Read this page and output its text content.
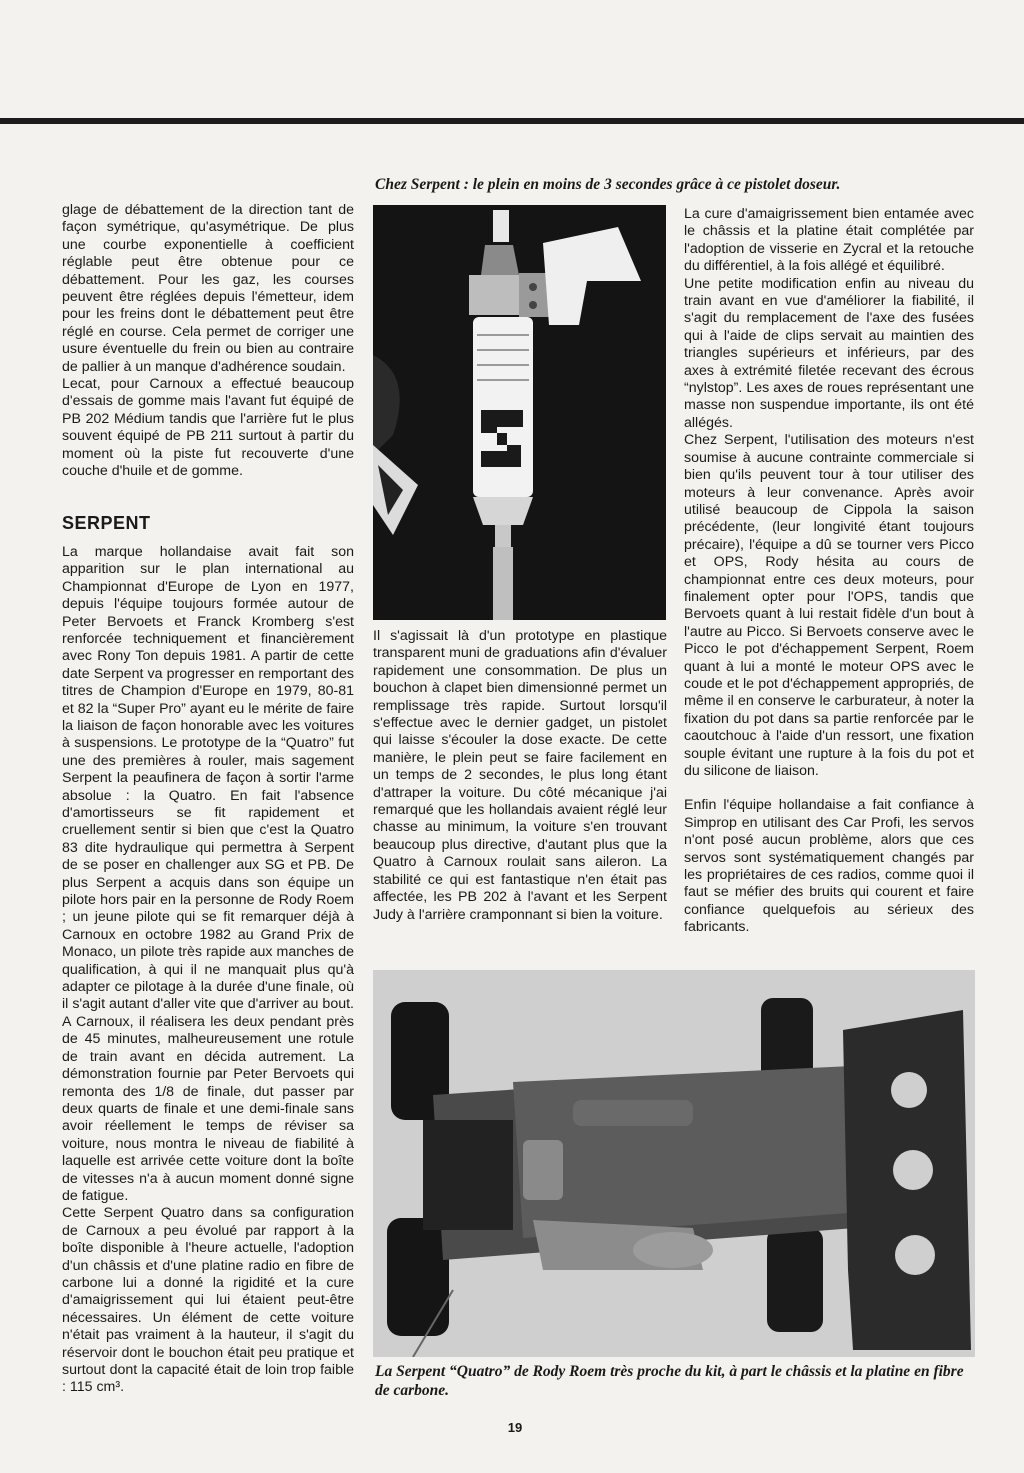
Chez Serpent : le plein en moins de 3 secondes grâce à ce pistolet doseur.

glage de débattement de la direction tant de façon symétrique, qu'asymétrique. De plus une courbe exponentielle à coefficient réglable peut être obtenue pour ce débattement. Pour les gaz, les courses peuvent être réglées depuis l'émetteur, idem pour les freins dont le débattement peut être réglé en course. Cela permet de corriger une usure éventuelle du frein ou bien au contraire de pallier à un manque d'adhérence soudain.

Lecat, pour Carnoux a effectué beaucoup d'essais de gomme mais l'avant fut équipé de PB 202 Médium tandis que l'arrière fut le plus souvent équipé de PB 211 surtout à partir du moment où la piste fut recouverte d'une couche d'huile et de gomme.

SERPENT

La marque hollandaise avait fait son apparition sur le plan international au Championnat d'Europe de Lyon en 1977, depuis l'équipe toujours formée autour de Peter Bervoets et Franck Kromberg s'est renforcée techniquement et financièrement avec Rony Ton depuis 1981. A partir de cette date Serpent va progresser en remportant des titres de Champion d'Europe en 1979, 80-81 et 82 la “Super Pro” ayant eu le mérite de faire la liaison de façon honorable avec les voitures à suspensions. Le prototype de la “Quatro” fut une des premières à rouler, mais sagement Serpent la peaufinera de façon à sortir l'arme absolue : la Quatro. En fait l'absence d'amortisseurs se fit rapidement et cruellement sentir si bien que c'est la Quatro 83 dite hydraulique qui permettra à Serpent de se poser en challenger aux SG et PB. De plus Serpent a acquis dans son équipe un pilote hors pair en la personne de Rody Roem ; un jeune pilote qui se fit remarquer déjà à Carnoux en octobre 1982 au Grand Prix de Monaco, un pilote très rapide aux manches de qualification, à qui il ne manquait plus qu'à adapter ce pilotage à la durée d'une finale, où il s'agit autant d'aller vite que d'arriver au bout. A Carnoux, il réalisera les deux pendant près de 45 minutes, malheureusement une rotule de train avant en décida autrement. La démonstration fournie par Peter Bervoets qui remonta des 1/8 de finale, dut passer par deux quarts de finale et une demi-finale sans avoir réellement le temps de réviser sa voiture, nous montra le niveau de fiabilité à laquelle est arrivée cette voiture dont la boîte de vitesses n'a à aucun moment donné signe de fatigue.

Cette Serpent Quatro dans sa configuration de Carnoux a peu évolué par rapport à la boîte disponible à l'heure actuelle, l'adoption d'un châssis et d'une platine radio en fibre de carbone lui a donné la rigidité et la cure d'amaigrissement qui lui étaient peut-être nécessaires. Un élément de cette voiture n'était pas vraiment à la hauteur, il s'agit du réservoir dont le bouchon était peu pratique et surtout dont la capacité était de loin trop faible : 115 cm³.

Il s'agissait là d'un prototype en plastique transparent muni de graduations afin d'évaluer rapidement une consommation. De plus un bouchon à clapet bien dimensionné permet un remplissage très rapide. Surtout lorsqu'il s'effectue avec le dernier gadget, un pistolet qui laisse s'écouler la dose exacte. De cette manière, le plein peut se faire facilement en un temps de 2 secondes, le plus long étant d'attraper la voiture. Du côté mécanique j'ai remarqué que les hollandais avaient réglé leur chasse au minimum, la voiture s'en trouvant beaucoup plus directive, d'autant plus que la Quatro à Carnoux roulait sans aileron. La stabilité ce qui est fantastique n'en était pas affectée, les PB 202 à l'avant et les Serpent Judy à l'arrière cramponnant si bien la voiture.

La cure d'amaigrissement bien entamée avec le châssis et la platine était complétée par l'adoption de visserie en Zycral et la retouche du différentiel, à la fois allégé et équilibré.

Une petite modification enfin au niveau du train avant en vue d'améliorer la fiabilité, il s'agit du remplacement de l'axe des fusées qui à l'aide de clips servait au maintien des triangles supérieurs et inférieurs, par des axes à extrémité filetée recevant des écrous “nylstop”. Les axes de roues représentant une masse non suspendue importante, ils ont été allégés.

Chez Serpent, l'utilisation des moteurs n'est soumise à aucune contrainte commerciale si bien qu'ils peuvent tour à tour utiliser des moteurs à leur convenance. Après avoir utilisé beaucoup de Cippola la saison précédente, (leur longivité étant toujours précaire), l'équipe a dû se tourner vers Picco et OPS, Rody hésita au cours de championnat entre ces deux moteurs, pour finalement opter pour l'OPS, tandis que Bervoets quant à lui restait fidèle d'un bout à l'autre au Picco. Si Bervoets conserve avec le Picco le pot d'échappement Serpent, Roem quant à lui a monté le moteur OPS avec le coude et le pot d'échappement appropriés, de même il en conserve le carburateur, à noter la fixation du pot dans sa partie renforcée par le caoutchouc à l'aide d'un ressort, une fixation souple évitant une rupture à la fois du pot et du silicone de liaison.

Enfin l'équipe hollandaise a fait confiance à Simprop en utilisant des Car Profi, les servos n'ont posé aucun problème, alors que ces servos sont systématiquement changés par les propriétaires de ces radios, comme quoi il faut se méfier des bruits qui courent et faire confiance quelquefois au sérieux des fabricants.

La Serpent “Quatro” de Rody Roem très proche du kit, à part le châssis et la platine en fibre de carbone.
19
